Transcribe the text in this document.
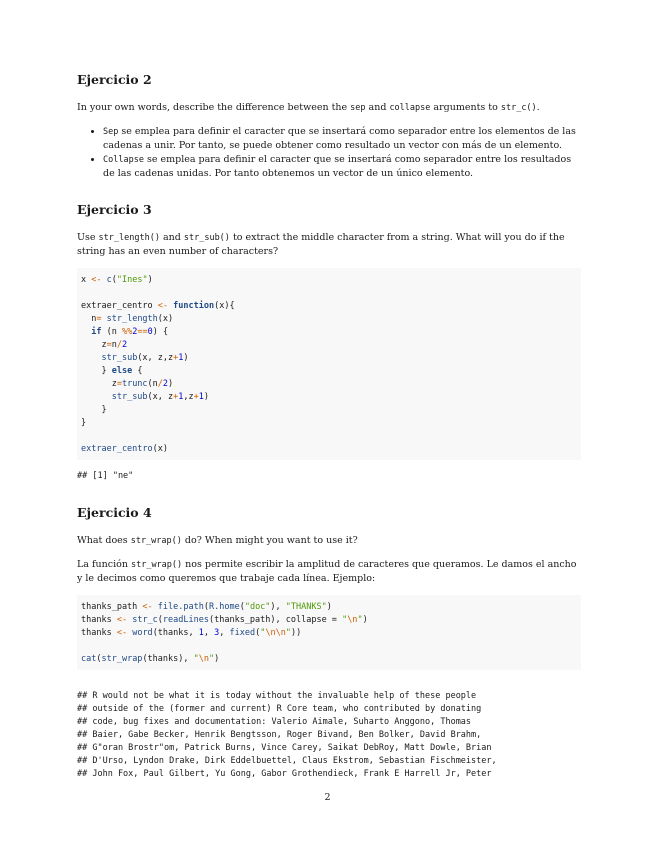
Ejercicio 2

In your own words, describe the difference between the sep and collapse arguments to str_c().

• Sep se emplea para definir el caracter que se insertará como separador entre los elementos de las cadenas a unir. Por tanto, se puede obtener como resultado un vector con más de un elemento.
• Collapse se emplea para definir el caracter que se insertará como separador entre los resultados de las cadenas unidas. Por tanto obtenemos un vector de un único elemento.
Ejercicio 3

Use str_length() and str_sub() to extract the middle character from a string. What will you do if the string has an even number of characters?

x <- c("Ines")

extraer_centro <- function(x){
n= str_length(x)
if (n %%2==0) {
z=n/2
str_sub(x, z,z+1)
} else {
z=trunc(n/2)
str_sub(x, z+1,z+1)
}
}

extraer_centro(x)
## [1] "ne"
Ejercicio 4

What does str_wrap() do? When might you want to use it?

La función str_wrap() nos permite escribir la amplitud de caracteres que queramos. Le damos el ancho y le decimos como queremos que trabaje cada línea. Ejemplo:

thanks_path <- file.path(R.home("doc"), "THANKS")
thanks <- str_c(readLines(thanks_path), collapse = "\n")
thanks <- word(thanks, 1, 3, fixed("\n\n"))

cat(str_wrap(thanks), "\n")
## R would not be what it is today without the invaluable help of these people
## outside of the (former and current) R Core team, who contributed by donating
## code, bug fixes and documentation: Valerio Aimale, Suharto Anggono, Thomas
## Baier, Gabe Becker, Henrik Bengtsson, Roger Bivand, Ben Bolker, David Brahm,
## G"oran Brostr"om, Patrick Burns, Vince Carey, Saikat DebRoy, Matt Dowle, Brian
## D'Urso, Lyndon Drake, Dirk Eddelbuettel, Claus Ekstrom, Sebastian Fischmeister,
## John Fox, Paul Gilbert, Yu Gong, Gabor Grothendieck, Frank E Harrell Jr, Peter
2
